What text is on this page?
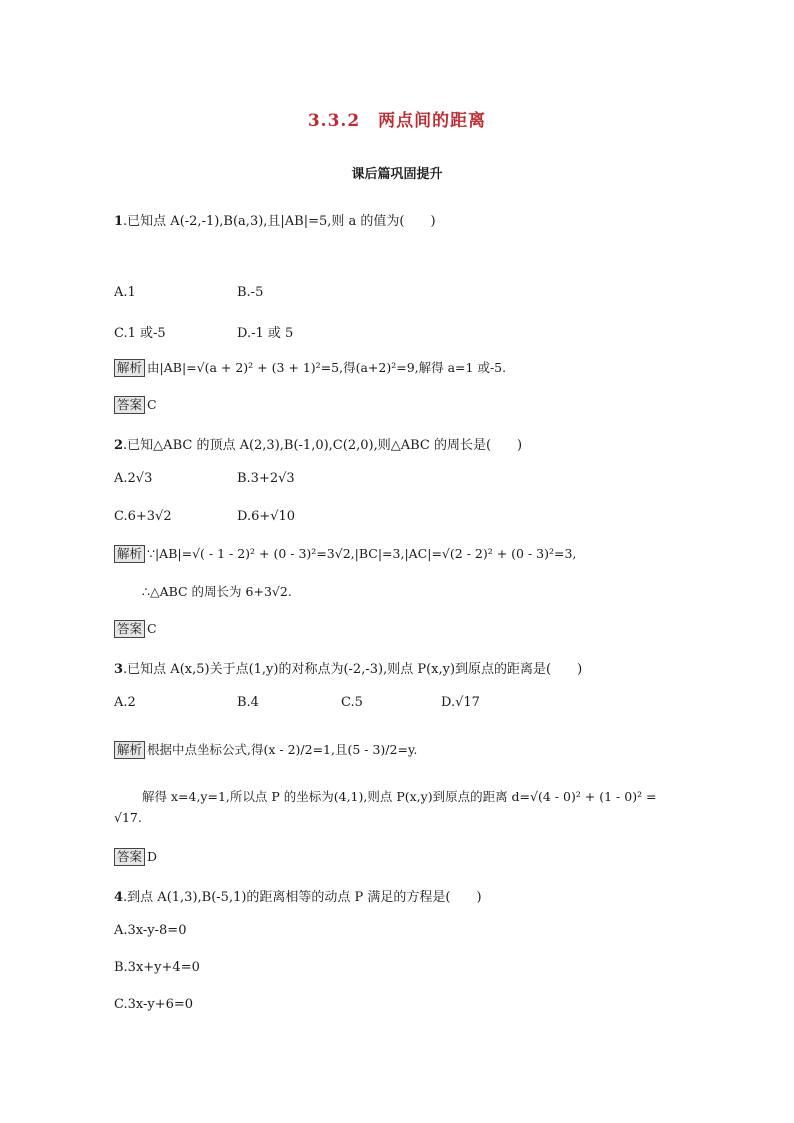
3.3.2　两点间的距离
课后篇巩固提升
1.已知点 A(-2,-1),B(a,3),且|AB|=5,则 a 的值为(　　)
A.1	B.-5
C.1 或-5	D.-1 或 5
解析 由|AB|=√(a + 2)² + (3 + 1)²=5,得(a+2)²=9,解得 a=1 或-5.
答案 C
2.已知△ABC 的顶点 A(2,3),B(-1,0),C(2,0),则△ABC 的周长是(　　)
A.2√3	B.3+2√3
C.6+3√2	D.6+√10
解析 ∵|AB|=√( - 1 - 2)² + (0 - 3)²=3√2,|BC|=3,|AC|=√(2 - 2)² + (0 - 3)²=3,
∴△ABC 的周长为 6+3√2.
答案 C
3.已知点 A(x,5)关于点(1,y)的对称点为(-2,-3),则点 P(x,y)到原点的距离是(　　)
A.2	B.4	C.5	D.√17
解析 根据中点坐标公式,得(x - 2)/2=1,且(5 - 3)/2=y.
解得 x=4,y=1,所以点 P 的坐标为(4,1),则点 P(x,y)到原点的距离 d=√(4 - 0)² + (1 - 0)² =
√17.
答案 D
4.到点 A(1,3),B(-5,1)的距离相等的动点 P 满足的方程是(　　)
A.3x-y-8=0
B.3x+y+4=0
C.3x-y+6=0
